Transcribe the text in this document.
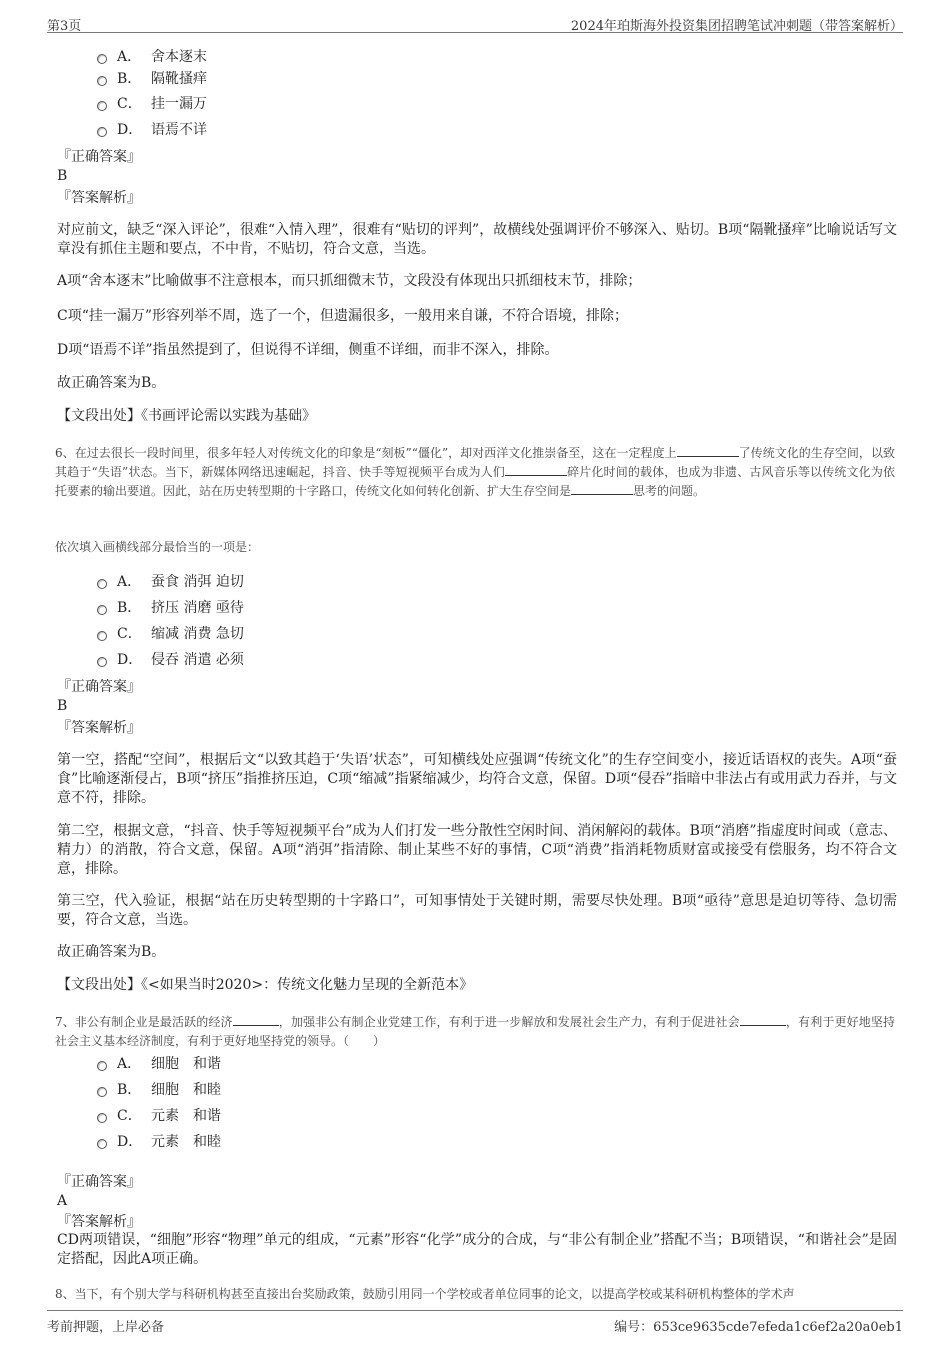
第3页	2024年珀斯海外投资集团招聘笔试冲刺题（带答案解析）
A． 舍本逐末
B． 隔靴搔痒
C． 挂一漏万
D． 语焉不详
『正确答案』
B
『答案解析』
对应前文，缺乏“深入评论”，很难“入情入理”，很难有“贴切的评判”，故横线处强调评价不够深入、贴切。B项“隔靴搔痒”比喻说话写文章没有抓住主题和要点，不中肯，不贴切，符合文意，当选。
A项“舍本逐末”比喻做事不注意根本，而只抓细微末节，文段没有体现出只抓细枝末节，排除；
C项“挂一漏万”形容列举不周，选了一个，但遗漏很多，一般用来自谦，不符合语境，排除；
D项“语焉不详”指虽然提到了，但说得不详细，侧重不详细，而非不深入，排除。
故正确答案为B。
【文段出处】《书画评论需以实践为基础》
6、在过去很长一段时间里，很多年轻人对传统文化的印象是“刻板”“僵化”，却对西洋文化推崇备至，这在一定程度上	了传统文化的生存空间，以致其趋于“失语”状态。当下，新媒体网络迅速崛起，抖音、快手等短视频平台成为人们	碎片化时间的载体，也成为非遗、古风音乐等以传统文化为依托要素的输出要道。因此，站在历史转型期的十字路口，传统文化如何转化创新、扩大生存空间是	思考的问题。
依次填入画横线部分最恰当的一项是：
A． 蚕食 消弭 迫切
B． 挤压 消磨 亟待
C． 缩减 消费 急切
D． 侵吞 消遣 必须
『正确答案』
B
『答案解析』
第一空，搭配“空间”，根据后文“以致其趋于‘失语’状态”，可知横线处应强调“传统文化”的生存空间变小，接近话语权的丧失。A项“蚕食”比喻逐渐侵占，B项“挤压”指推挤压迫，C项“缩减”指紧缩减少，均符合文意，保留。D项“侵吞”指暗中非法占有或用武力吞并，与文意不符，排除。
第二空，根据文意，“抖音、快手等短视频平台”成为人们打发一些分散性空闲时间、消闲解闷的载体。B项“消磨”指虚度时间或（意志、精力）的消散，符合文意，保留。A项“消弭”指清除、制止某些不好的事情，C项“消费”指消耗物质财富或接受有偿服务，均不符合文意，排除。
第三空，代入验证，根据“站在历史转型期的十字路口”，可知事情处于关键时期，需要尽快处理。B项“亟待”意思是迫切等待、急切需要，符合文意，当选。
故正确答案为B。
【文段出处】《<如果当时2020>：传统文化魅力呈现的全新范本》
7、非公有制企业是最活跃的经济	，加强非公有制企业党建工作，有利于进一步解放和发展社会生产力，有利于促进社会	，有利于更好地坚持社会主义基本经济制度，有利于更好地坚持党的领导。（　　）
A． 细胞　和谐
B． 细胞　和睦
C． 元素　和谐
D． 元素　和睦
『正确答案』
A
『答案解析』
CD两项错误，“细胞”形容“物理”单元的组成，“元素”形容“化学”成分的合成，与“非公有制企业”搭配不当；B项错误，“和谐社会”是固定搭配，因此A项正确。
8、当下，有个别大学与科研机构甚至直接出台奖励政策，鼓励引用同一个学校或者单位同事的论文，以提高学校或某科研机构整体的学术声
考前押题，上岸必备	编号：653ce9635cde7efeda1c6ef2a20a0eb1
